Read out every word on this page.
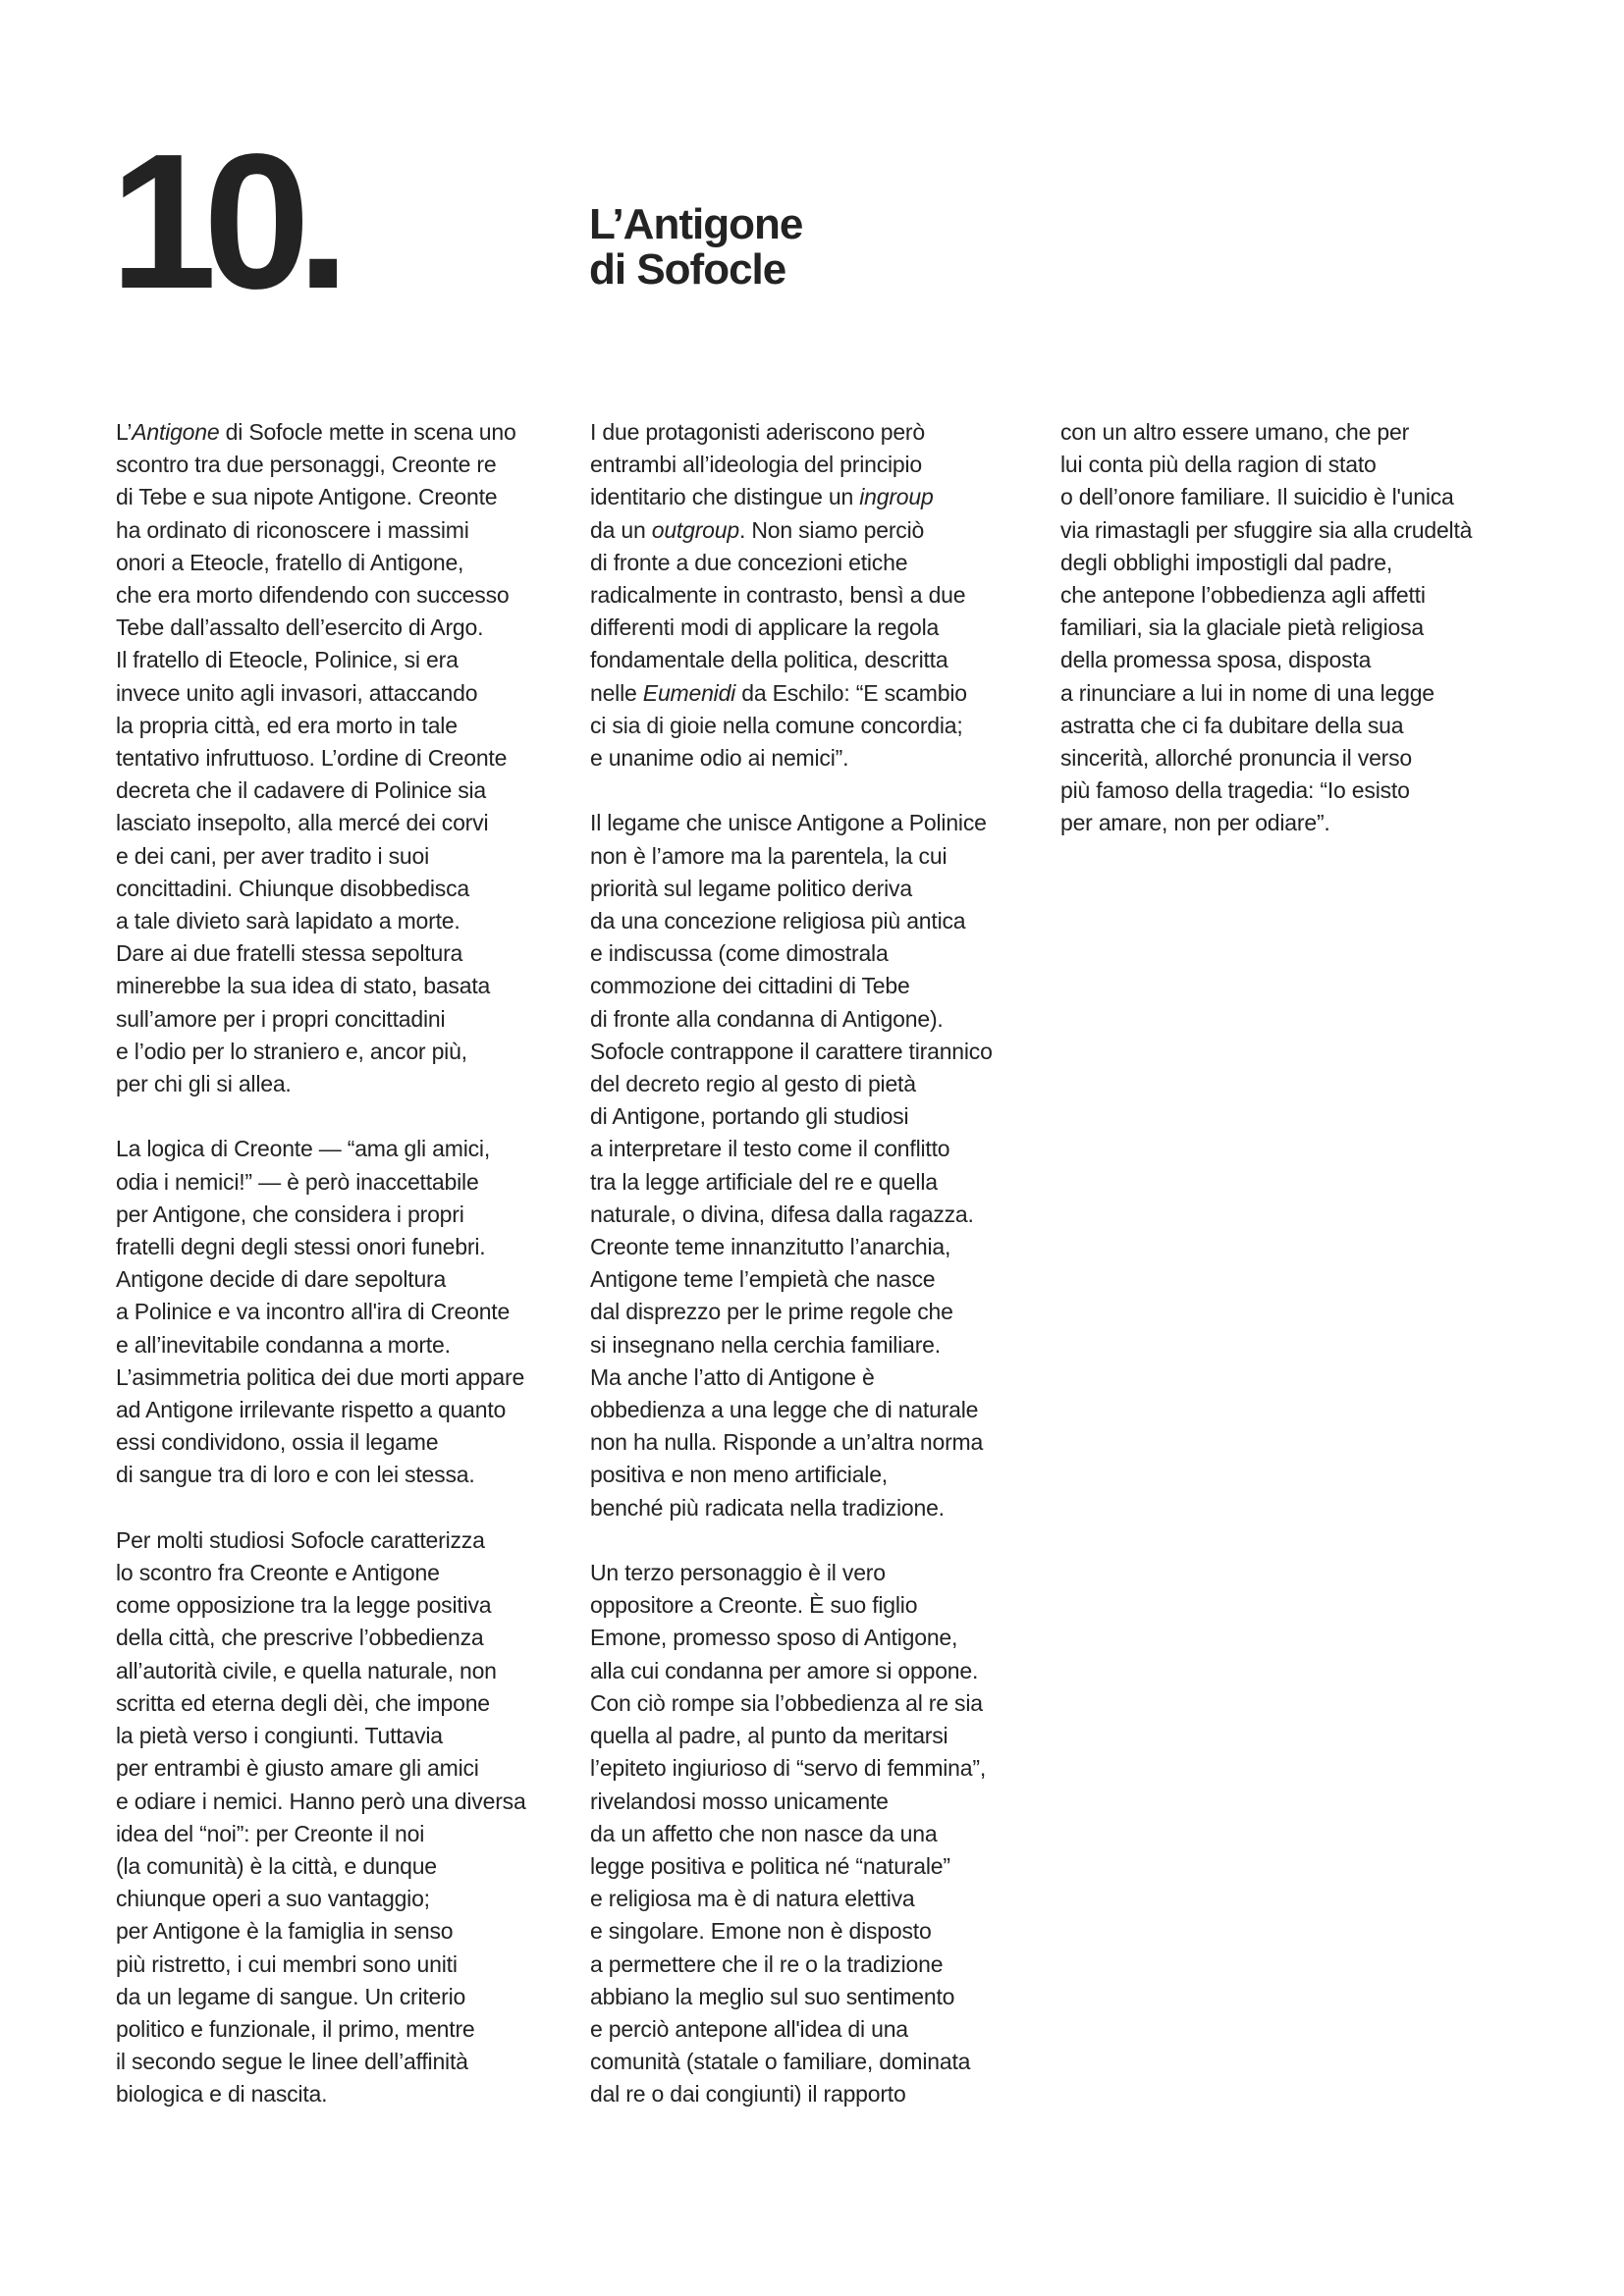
10.	L’Antigone
di Sofocle

L’Antigone di Sofocle mette in scena uno
scontro tra due personaggi, Creonte re
di Tebe e sua nipote Antigone. Creonte
ha ordinato di riconoscere i massimi
onori a Eteocle, fratello di Antigone,
che era morto difendendo con successo
Tebe dall’assalto dell’esercito di Argo.
Il fratello di Eteocle, Polinice, si era
invece unito agli invasori, attaccando
la propria città, ed era morto in tale
tentativo infruttuoso. L’ordine di Creonte
decreta che il cadavere di Polinice sia
lasciato insepolto, alla mercé dei corvi
e dei cani, per aver tradito i suoi
concittadini. Chiunque disobbedisca
a tale divieto sarà lapidato a morte.
Dare ai due fratelli stessa sepoltura
minerebbe la sua idea di stato, basata
sull’amore per i propri concittadini
e l’odio per lo straniero e, ancor più,
per chi gli si allea.

La logica di Creonte — “ama gli amici,
odia i nemici!” — è però inaccettabile
per Antigone, che considera i propri
fratelli degni degli stessi onori funebri.
Antigone decide di dare sepoltura
a Polinice e va incontro all'ira di Creonte
e all’inevitabile condanna a morte.
L’asimmetria politica dei due morti appare
ad Antigone irrilevante rispetto a quanto
essi condividono, ossia il legame
di sangue tra di loro e con lei stessa.

Per molti studiosi Sofocle caratterizza
lo scontro fra Creonte e Antigone
come opposizione tra la legge positiva
della città, che prescrive l’obbedienza
all’autorità civile, e quella naturale, non
scritta ed eterna degli dèi, che impone
la pietà verso i congiunti. Tuttavia
per entrambi è giusto amare gli amici
e odiare i nemici. Hanno però una diversa
idea del “noi”: per Creonte il noi
(la comunità) è la città, e dunque
chiunque operi a suo vantaggio;
per Antigone è la famiglia in senso
più ristretto, i cui membri sono uniti
da un legame di sangue. Un criterio
politico e funzionale, il primo, mentre
il secondo segue le linee dell’affinità
biologica e di nascita.

I due protagonisti aderiscono però
entrambi all’ideologia del principio
identitario che distingue un ingroup
da un outgroup. Non siamo perciò
di fronte a due concezioni etiche
radicalmente in contrasto, bensì a due
differenti modi di applicare la regola
fondamentale della politica, descritta
nelle Eumenidi da Eschilo: “E scambio
ci sia di gioie nella comune concordia;
e unanime odio ai nemici”.

Il legame che unisce Antigone a Polinice
non è l’amore ma la parentela, la cui
priorità sul legame politico deriva
da una concezione religiosa più antica
e indiscussa (come dimostrala
commozione dei cittadini di Tebe
di fronte alla condanna di Antigone).
Sofocle contrappone il carattere tirannico
del decreto regio al gesto di pietà
di Antigone, portando gli studiosi
a interpretare il testo come il conflitto
tra la legge artificiale del re e quella
naturale, o divina, difesa dalla ragazza.
Creonte teme innanzitutto l’anarchia,
Antigone teme l’empietà che nasce
dal disprezzo per le prime regole che
si insegnano nella cerchia familiare.
Ma anche l’atto di Antigone è
obbedienza a una legge che di naturale
non ha nulla. Risponde a un’altra norma
positiva e non meno artificiale,
benché più radicata nella tradizione.

Un terzo personaggio è il vero
oppositore a Creonte. È suo figlio
Emone, promesso sposo di Antigone,
alla cui condanna per amore si oppone.
Con ciò rompe sia l’obbedienza al re sia
quella al padre, al punto da meritarsi
l’epiteto ingiurioso di “servo di femmina”,
rivelandosi mosso unicamente
da un affetto che non nasce da una
legge positiva e politica né “naturale”
e religiosa ma è di natura elettiva
e singolare. Emone non è disposto
a permettere che il re o la tradizione
abbiano la meglio sul suo sentimento
e perciò antepone all'idea di una
comunità (statale o familiare, dominata
dal re o dai congiunti) il rapporto

con un altro essere umano, che per
lui conta più della ragion di stato
o dell’onore familiare. Il suicidio è l'unica
via rimastagli per sfuggire sia alla crudeltà
degli obblighi impostigli dal padre,
che antepone l’obbedienza agli affetti
familiari, sia la glaciale pietà religiosa
della promessa sposa, disposta
a rinunciare a lui in nome di una legge
astratta che ci fa dubitare della sua
sincerità, allorché pronuncia il verso
più famoso della tragedia: “Io esisto
per amare, non per odiare”.
